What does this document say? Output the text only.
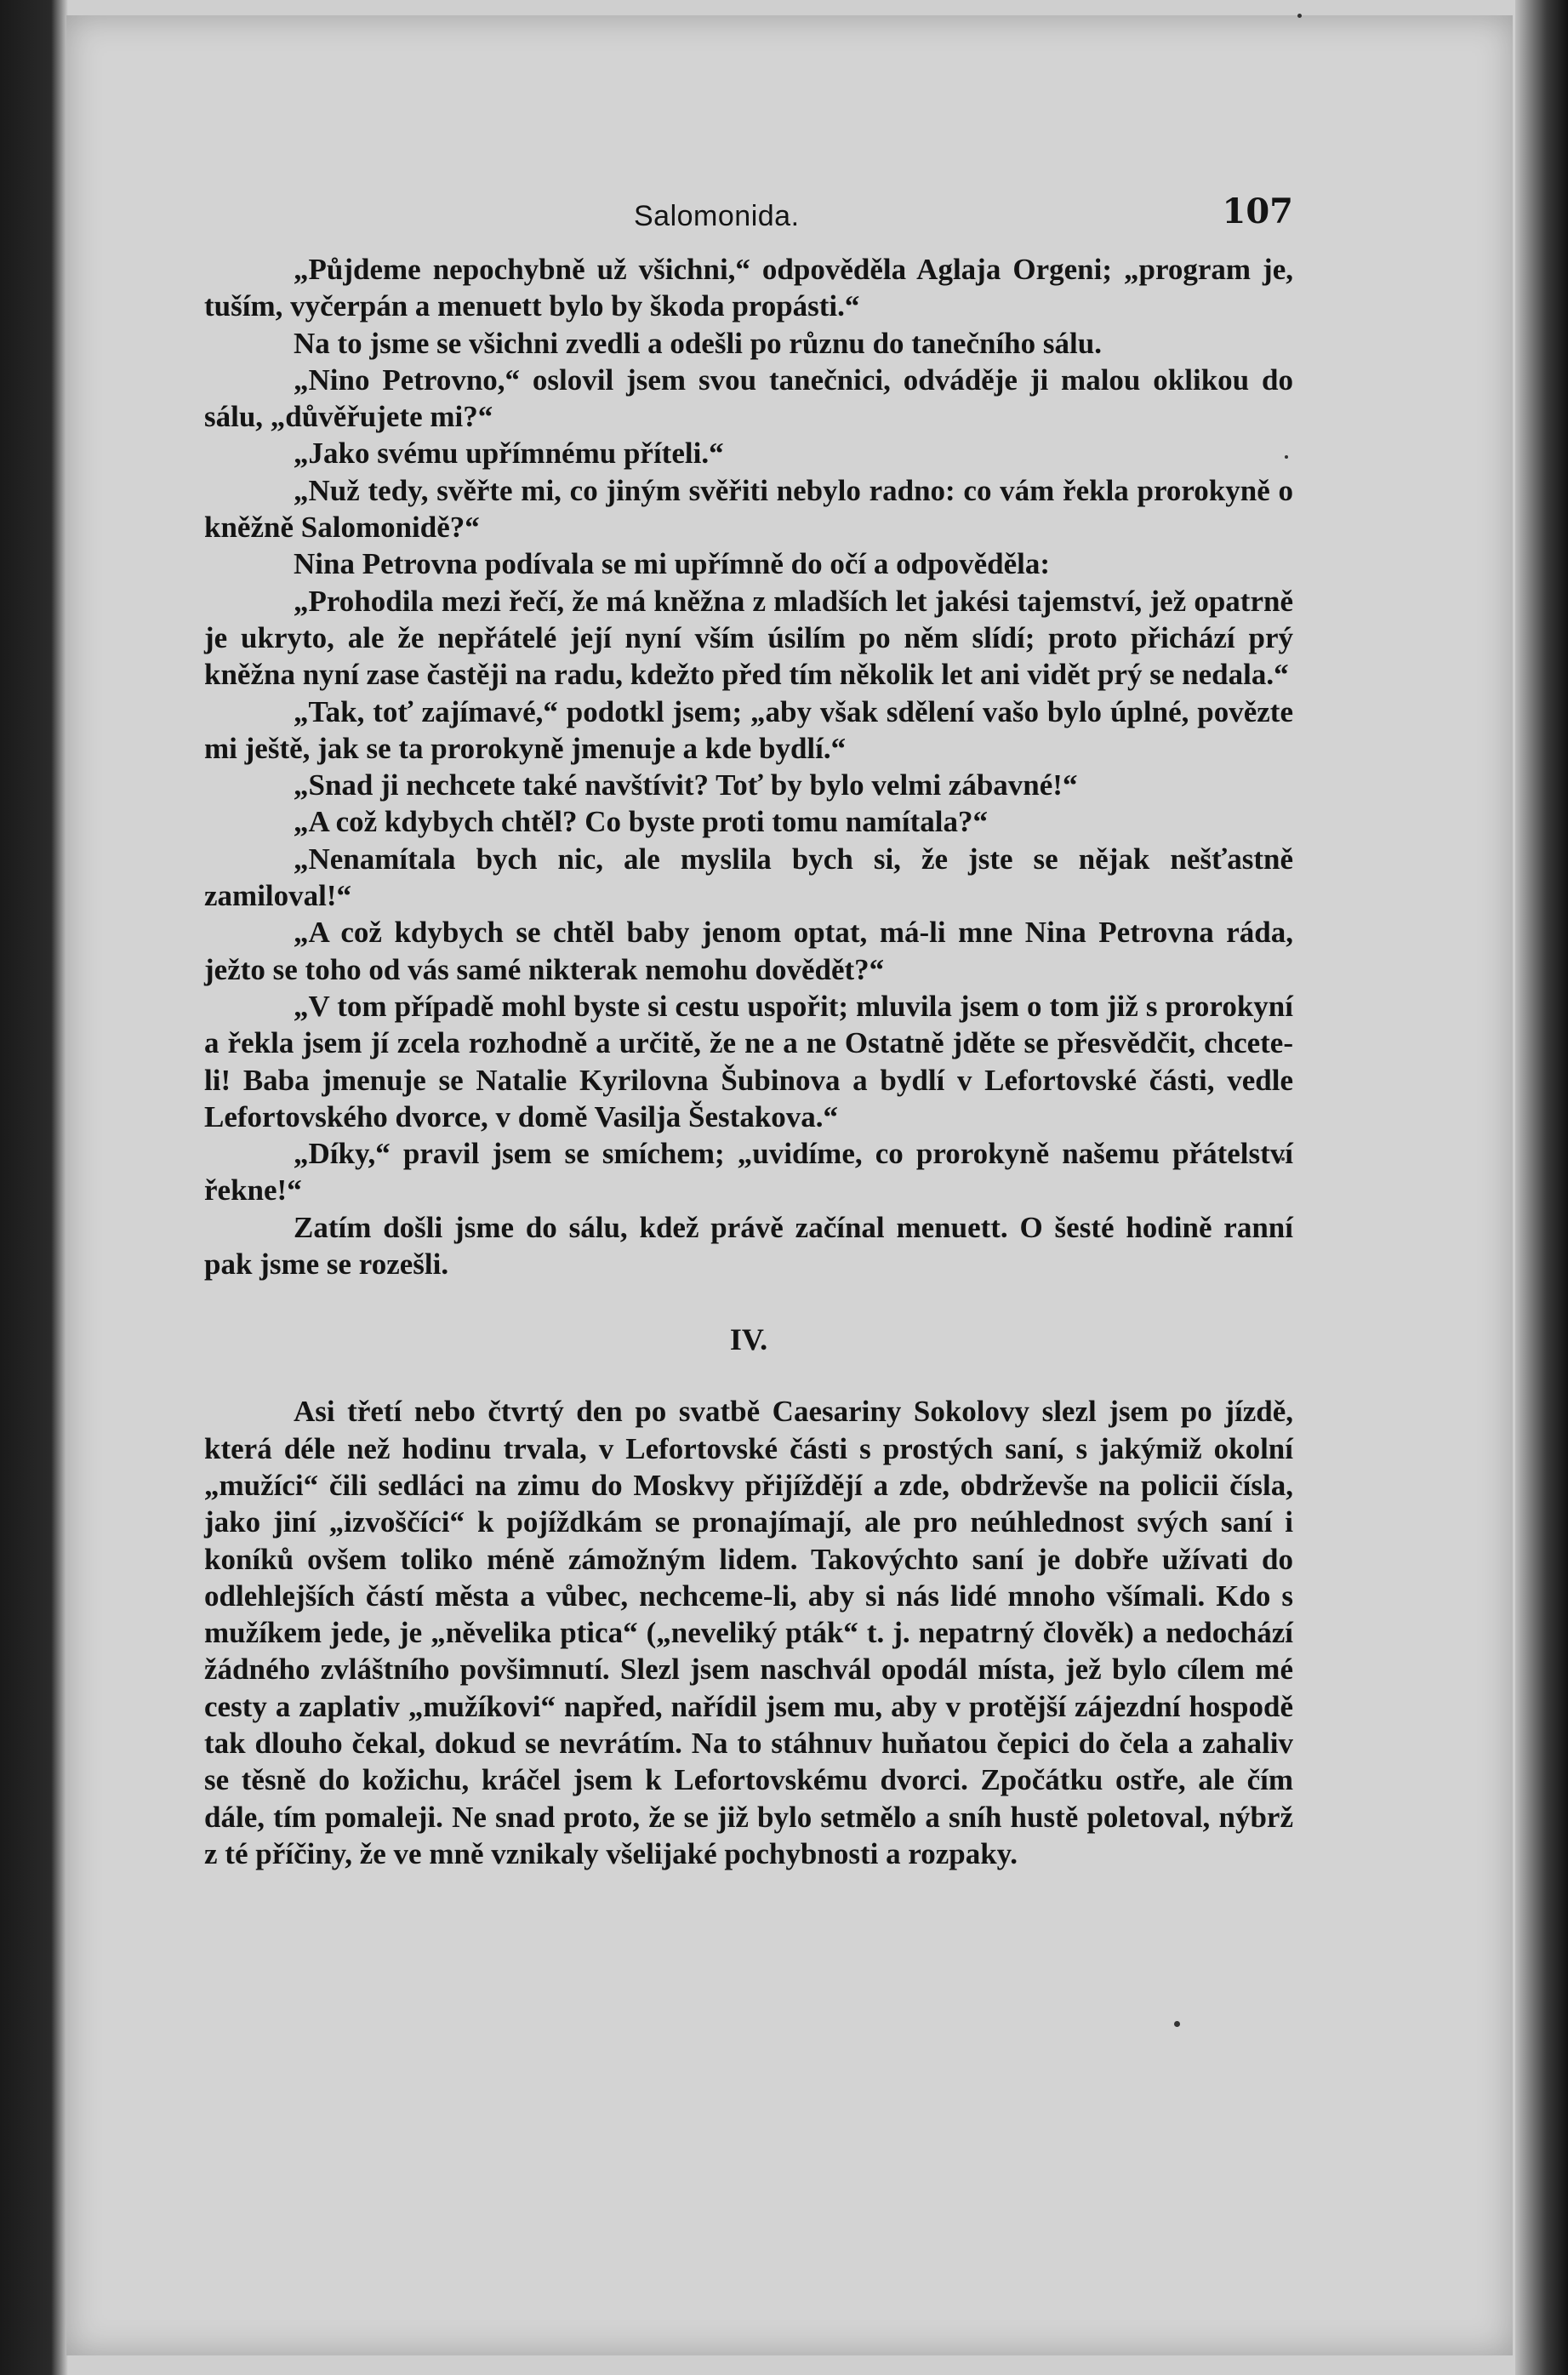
Salomonida.	107

„Půjdeme nepochybně už všichni,“ odpověděla Aglaja Orgeni; „program je, tuším, vyčerpán a menuett bylo by škoda propásti.“

Na to jsme se všichni zvedli a odešli po různu do tanečního sálu.

„Nino Petrovno,“ oslovil jsem svou tanečnici, odváděje ji malou oklikou do sálu, „důvěřujete mi?“

„Jako svému upřímnému příteli.“

„Nuž tedy, svěřte mi, co jiným svěřiti nebylo radno: co vám řekla prorokyně o kněžně Salomonidě?“

Nina Petrovna podívala se mi upřímně do očí a odpověděla:

„Prohodila mezi řečí, že má kněžna z mladších let jakési tajemství, jež opatrně je ukryto, ale že nepřátelé její nyní vším úsilím po něm slídí; proto přichází prý kněžna nyní zase častěji na radu, kdežto před tím několik let ani vidět prý se nedala.“

„Tak, toť zajímavé,“ podotkl jsem; „aby však sdělení vašo bylo úplné, povězte mi ještě, jak se ta prorokyně jmenuje a kde bydlí.“

„Snad ji nechcete také navštívit? Toť by bylo velmi zábavné!“

„A což kdybych chtěl? Co byste proti tomu namítala?“

„Nenamítala bych nic, ale myslila bych si, že jste se nějak nešťastně zamiloval!“

„A což kdybych se chtěl baby jenom optat, má-li mne Nina Petrovna ráda, ježto se toho od vás samé nikterak nemohu dovědět?“

„V tom případě mohl byste si cestu uspořit; mluvila jsem o tom již s prorokyní a řekla jsem jí zcela rozhodně a určitě, že ne a ne Ostatně jděte se přesvědčit, chcete-li! Baba jmenuje se Natalie Kyrilovna Šubinova a bydlí v Lefortovské části, vedle Lefortovského dvorce, v domě Vasilja Šestakova.“

„Díky,“ pravil jsem se smíchem; „uvidíme, co prorokyně našemu přátelství řekne!“

Zatím došli jsme do sálu, kdež právě začínal menuett. O šesté hodině ranní pak jsme se rozešli.

IV.

Asi třetí nebo čtvrtý den po svatbě Caesariny Sokolovy slezl jsem po jízdě, která déle než hodinu trvala, v Lefortovské části s prostých saní, s jakýmiž okolní „mužíci“ čili sedláci na zimu do Moskvy přijíždějí a zde, obdrževše na policii čísla, jako jiní „izvoščíci“ k pojíždkám se pronajímají, ale pro neúhlednost svých saní i koníků ovšem toliko méně zámožným lidem. Takovýchto saní je dobře užívati do odlehlejších částí města a vůbec, nechceme-li, aby si nás lidé mnoho všímali. Kdo s mužíkem jede, je „něvelika ptica“ („neveliký pták“ t. j. nepatrný člověk) a nedochází žádného zvláštního povšimnutí. Slezl jsem naschvál opodál místa, jež bylo cílem mé cesty a zaplativ „mužíkovi“ napřed, nařídil jsem mu, aby v protější zájezdní hospodě tak dlouho čekal, dokud se nevrátím. Na to stáhnuv huňatou čepici do čela a zahaliv se těsně do kožichu, kráčel jsem k Lefortovskému dvorci. Zpočátku ostře, ale čím dále, tím pomaleji. Ne snad proto, že se již bylo setmělo a sníh hustě poletoval, nýbrž z té příčiny, že ve mně vznikaly všelijaké pochybnosti a rozpaky.
